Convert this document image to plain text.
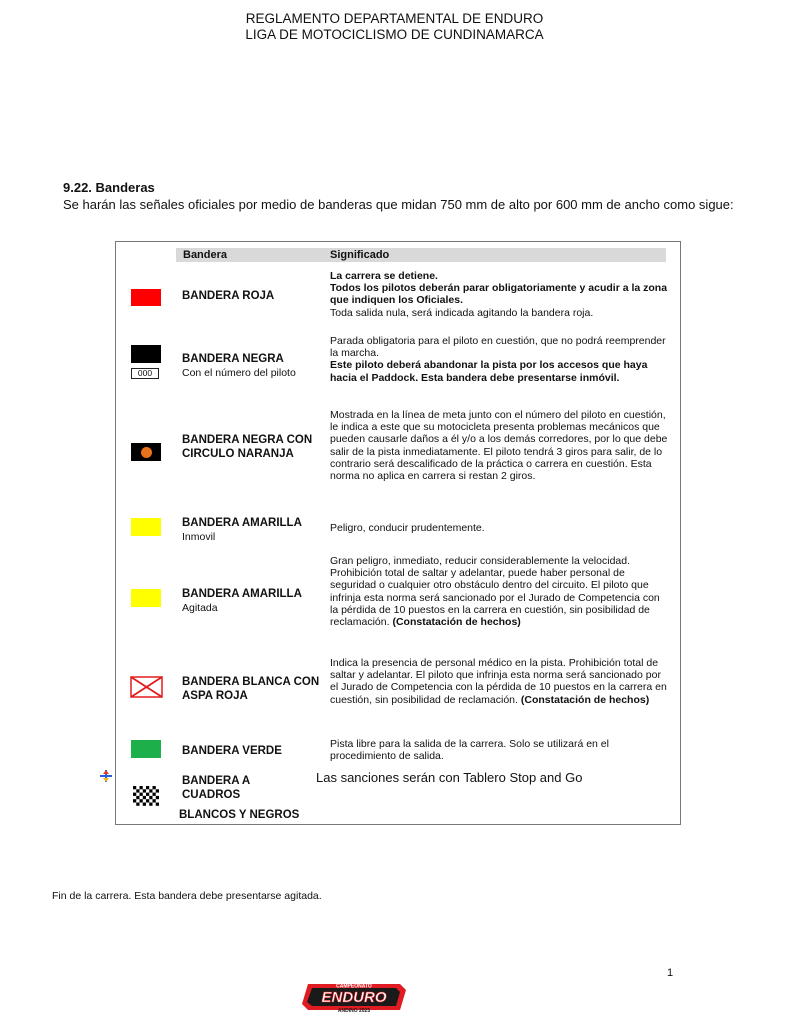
REGLAMENTO DEPARTAMENTAL DE ENDURO
LIGA DE MOTOCICLISMO DE CUNDINAMARCA
9.22. Banderas
Se harán las señales oficiales por medio de banderas que midan 750 mm de alto por 600 mm de ancho como sigue:
Bandera	Significado
BANDERA ROJA
La carrera se detiene.
Todos los pilotos deberán parar obligatoriamente y acudir a la zona que indiquen los Oficiales.
Toda salida nula, será indicada agitando la bandera roja.
000
BANDERA NEGRA
Con el número del piloto
Parada obligatoria para el piloto en cuestión, que no podrá reemprender la marcha.
Este piloto deberá abandonar la pista por los accesos que haya hacia el Paddock. Esta bandera debe presentarse inmóvil.
BANDERA NEGRA CON CIRCULO NARANJA
Mostrada en la línea de meta junto con el número del piloto en cuestión, le indica a este que su motocicleta presenta problemas mecánicos que pueden causarle daños a él y/o a los demás corredores, por lo que debe salir de la pista inmediatamente. El piloto tendrá 3 giros para salir, de lo contrario será descalificado de la práctica o carrera en cuestión. Esta norma no aplica en carrera si restan 2 giros.
BANDERA AMARILLA
Inmovil
Peligro, conducir prudentemente.
BANDERA AMARILLA
Agitada
Gran peligro, inmediato, reducir considerablemente la velocidad. Prohibición total de saltar y adelantar, puede haber personal de seguridad o cualquier otro obstáculo dentro del circuito. El piloto que infrinja esta norma será sancionado por el Jurado de Competencia con la pérdida de 10 puestos en la carrera en cuestión, sin posibilidad de reclamación. (Constatación de hechos)
BANDERA BLANCA CON ASPA ROJA
Indica la presencia de personal médico en la pista. Prohibición total de saltar y adelantar. El piloto que infrinja esta norma será sancionado por el Jurado de Competencia con la pérdida de 10 puestos en la carrera en cuestión, sin posibilidad de reclamación. (Constatación de hechos)
BANDERA VERDE
Pista libre para la salida de la carrera. Solo se utilizará en el procedimiento de salida.
BANDERA A
CUADROS
BLANCOS Y NEGROS
Las sanciones serán con Tablero Stop and Go
Fin de la carrera. Esta bandera debe presentarse agitada.
1
CAMPEONATO
ENDURO
ANDINO 2025
